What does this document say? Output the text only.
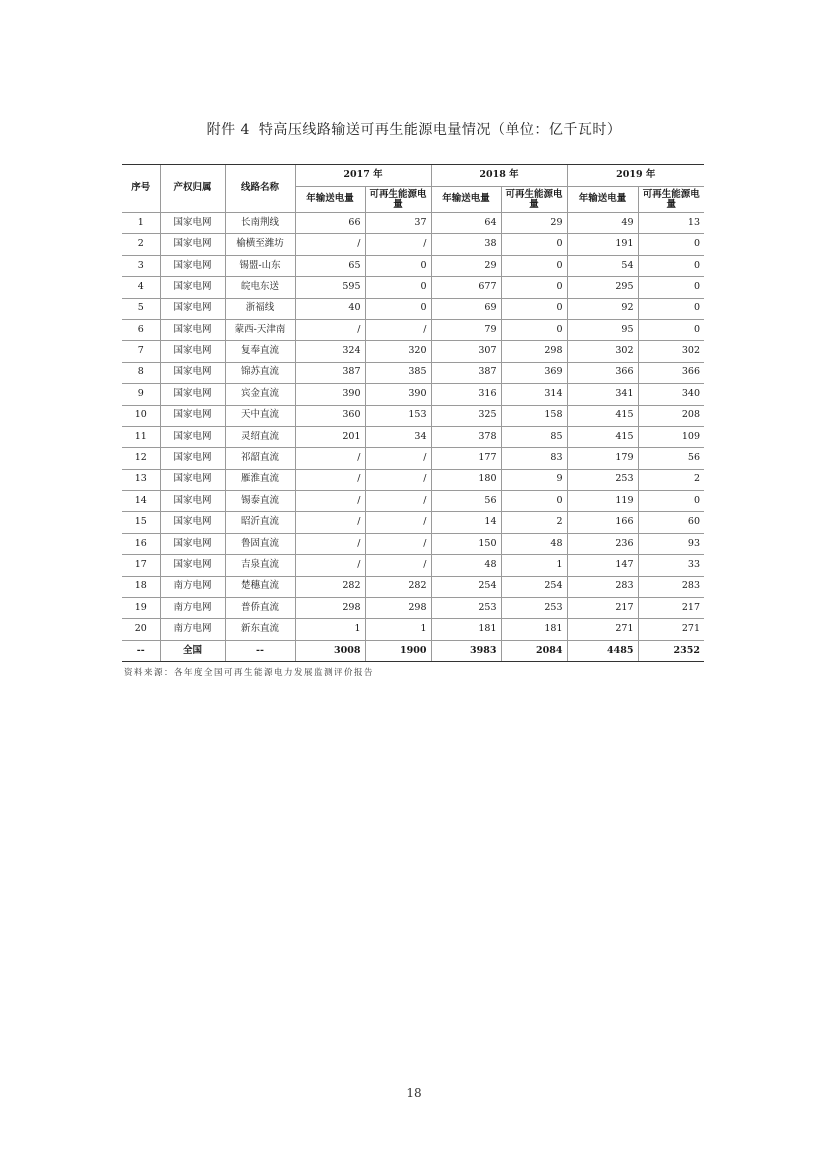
附件 4 特高压线路输送可再生能源电量情况（单位：亿千瓦时）
序号	产权归属	线路名称	2017 年		2018 年		2019 年	
			年输送电量	可再生能源电量	年输送电量	可再生能源电量	年输送电量	可再生能源电量
1	国家电网	长南荆线	66	37	64	29	49	13
2	国家电网	榆横至潍坊	/	/	38	0	191	0
3	国家电网	锡盟-山东	65	0	29	0	54	0
4	国家电网	皖电东送	595	0	677	0	295	0
5	国家电网	浙福线	40	0	69	0	92	0
6	国家电网	蒙西-天津南	/	/	79	0	95	0
7	国家电网	复奉直流	324	320	307	298	302	302
8	国家电网	锦苏直流	387	385	387	369	366	366
9	国家电网	宾金直流	390	390	316	314	341	340
10	国家电网	天中直流	360	153	325	158	415	208
11	国家电网	灵绍直流	201	34	378	85	415	109
12	国家电网	祁韶直流	/	/	177	83	179	56
13	国家电网	雁淮直流	/	/	180	9	253	2
14	国家电网	锡泰直流	/	/	56	0	119	0
15	国家电网	昭沂直流	/	/	14	2	166	60
16	国家电网	鲁固直流	/	/	150	48	236	93
17	国家电网	吉泉直流	/	/	48	1	147	33
18	南方电网	楚穗直流	282	282	254	254	283	283
19	南方电网	普侨直流	298	298	253	253	217	217
20	南方电网	新东直流	1	1	181	181	271	271
--	全国	--	3008	1900	3983	2084	4485	2352
资料来源：各年度全国可再生能源电力发展监测评价报告
18
